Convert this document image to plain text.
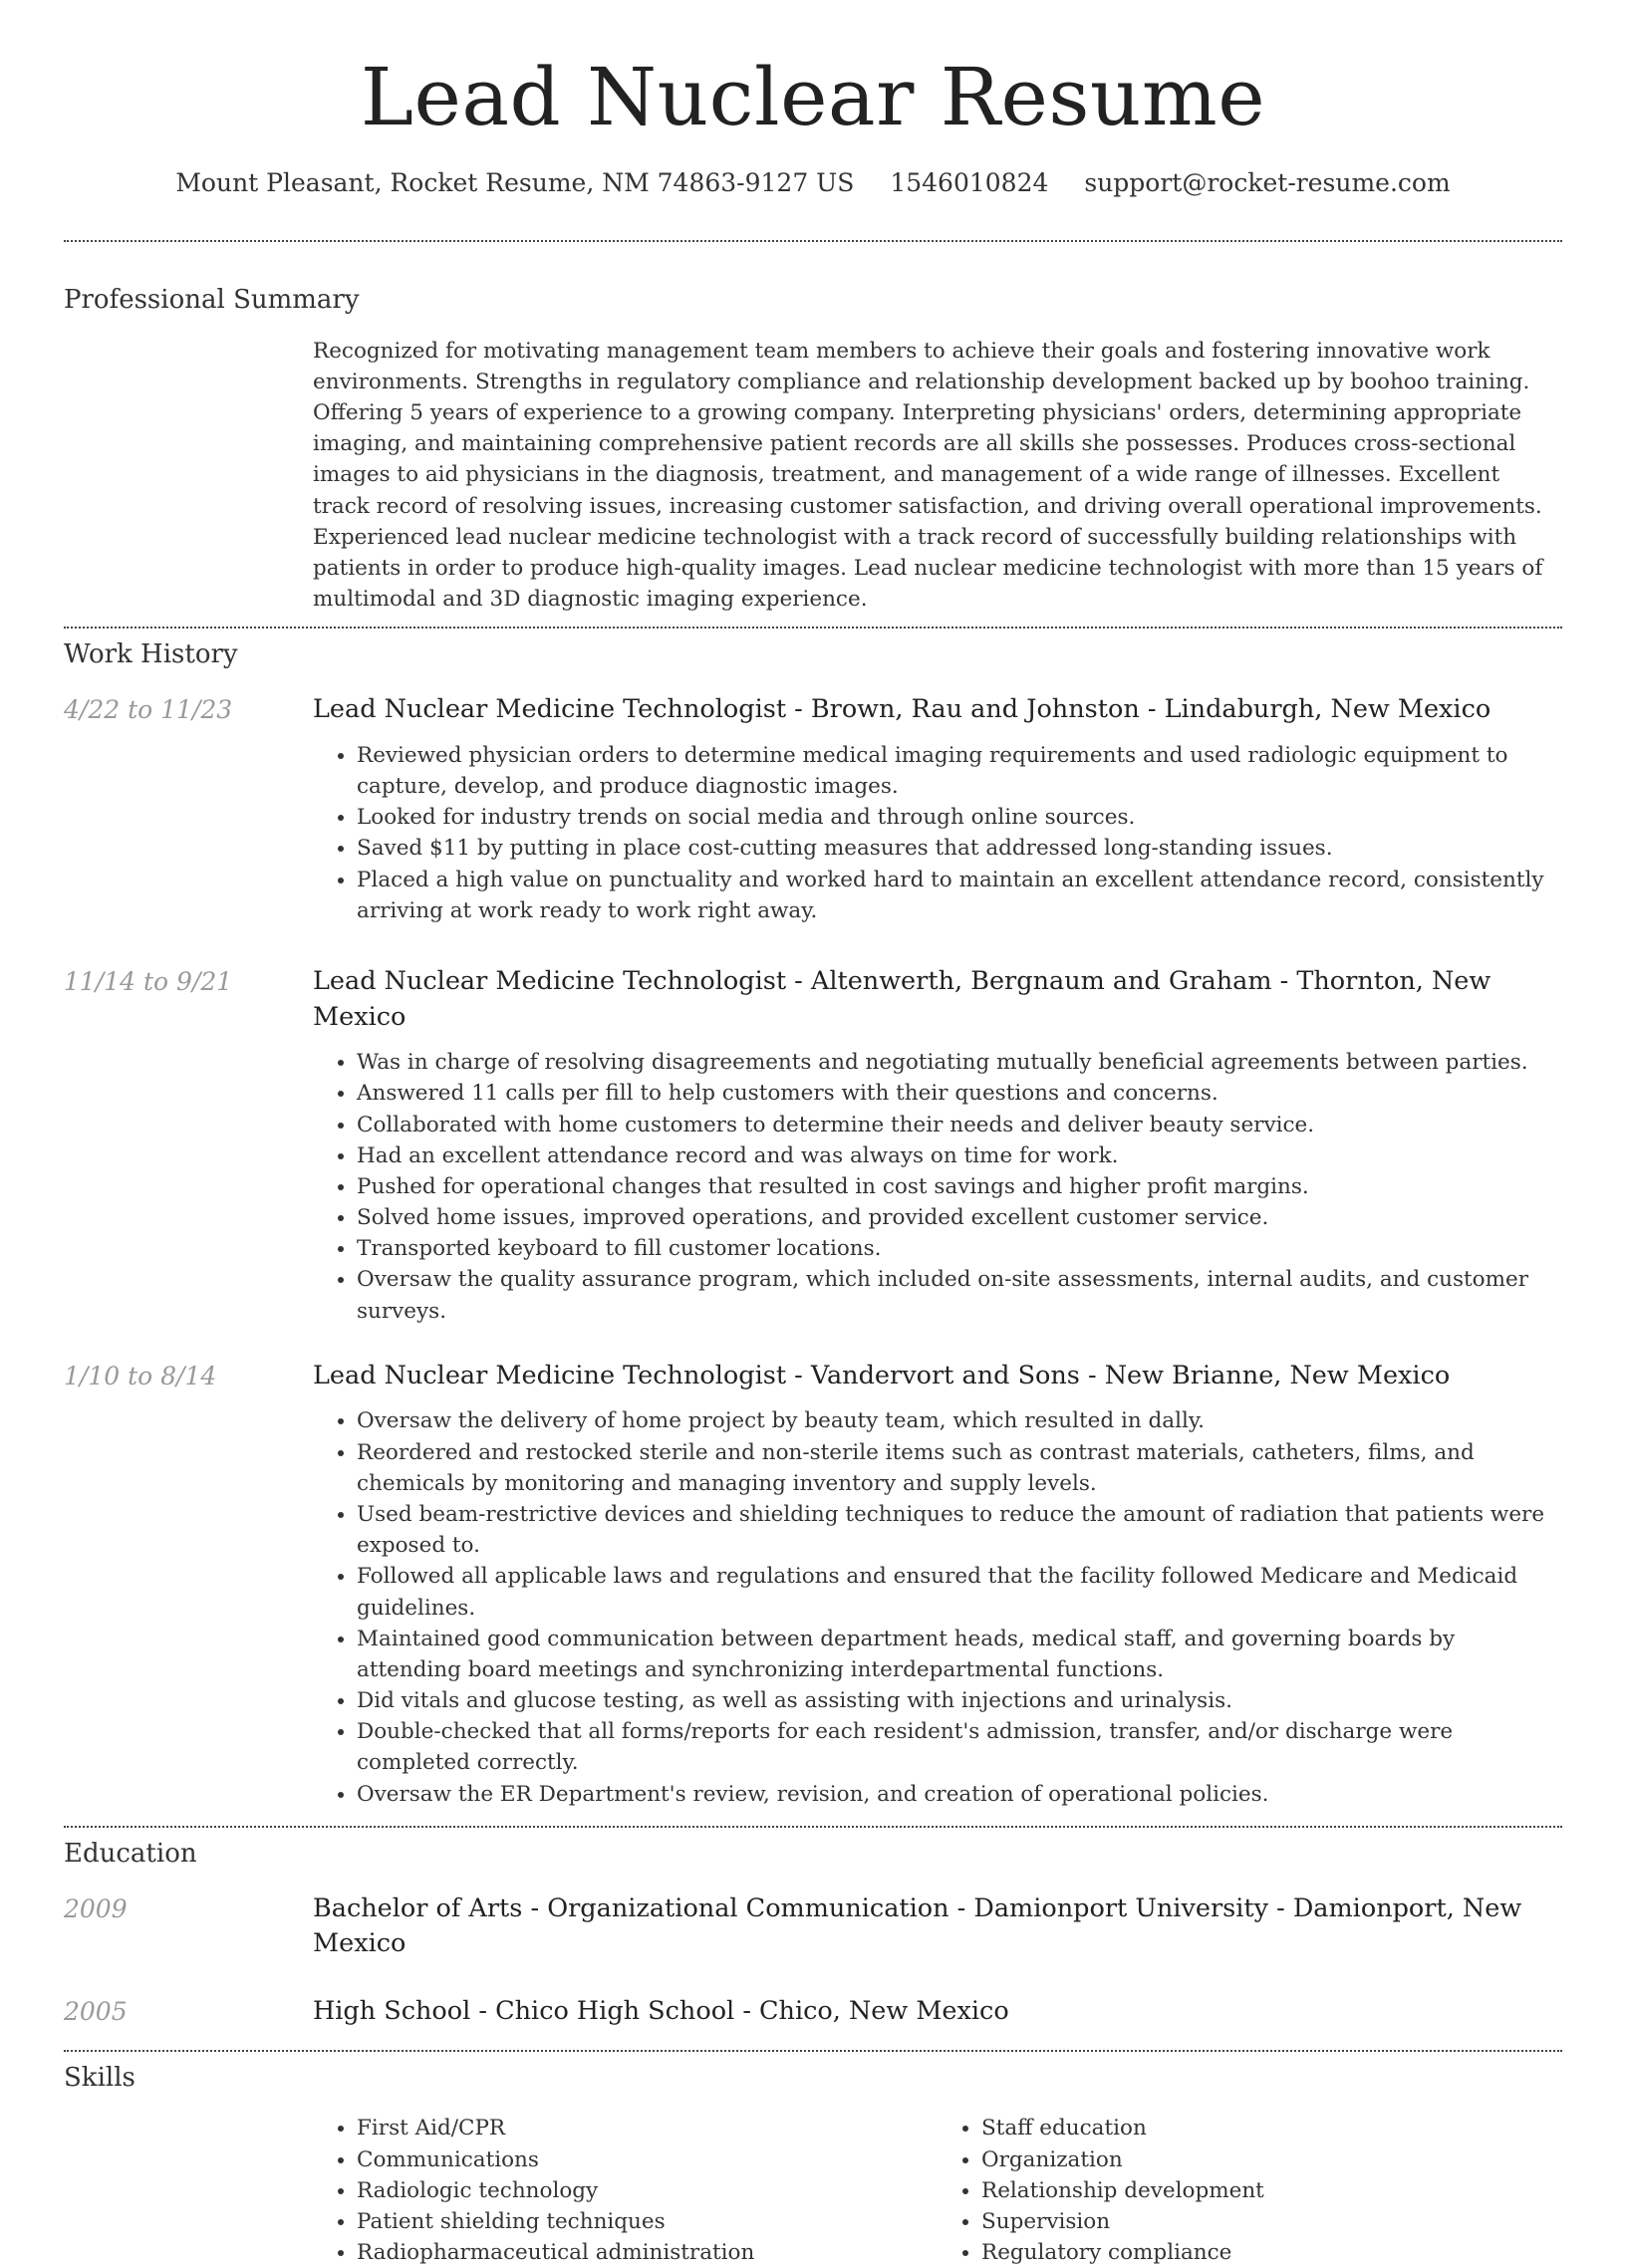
Lead Nuclear Resume
Mount Pleasant, Rocket Resume, NM 74863-9127 US 1546010824 support@rocket-resume.com
Professional Summary

Recognized for motivating management team members to achieve their goals and fostering innovative work environments. Strengths in regulatory compliance and relationship development backed up by boohoo training. Offering 5 years of experience to a growing company. Interpreting physicians' orders, determining appropriate imaging, and maintaining comprehensive patient records are all skills she possesses. Produces cross-sectional images to aid physicians in the diagnosis, treatment, and management of a wide range of illnesses. Excellent track record of resolving issues, increasing customer satisfaction, and driving overall operational improvements. Experienced lead nuclear medicine technologist with a track record of successfully building relationships with patients in order to produce high-quality images. Lead nuclear medicine technologist with more than 15 years of multimodal and 3D diagnostic imaging experience.

Work History
4/22 to 11/23	Lead Nuclear Medicine Technologist - Brown, Rau and Johnston - Lindaburgh, New Mexico
• Reviewed physician orders to determine medical imaging requirements and used radiologic equipment to capture, develop, and produce diagnostic images.
• Looked for industry trends on social media and through online sources.
• Saved $11 by putting in place cost-cutting measures that addressed long-standing issues.
• Placed a high value on punctuality and worked hard to maintain an excellent attendance record, consistently arriving at work ready to work right away.
11/14 to 9/21	Lead Nuclear Medicine Technologist - Altenwerth, Bergnaum and Graham - Thornton, New Mexico
• Was in charge of resolving disagreements and negotiating mutually beneficial agreements between parties.
• Answered 11 calls per fill to help customers with their questions and concerns.
• Collaborated with home customers to determine their needs and deliver beauty service.
• Had an excellent attendance record and was always on time for work.
• Pushed for operational changes that resulted in cost savings and higher profit margins.
• Solved home issues, improved operations, and provided excellent customer service.
• Transported keyboard to fill customer locations.
• Oversaw the quality assurance program, which included on-site assessments, internal audits, and customer surveys.
1/10 to 8/14	Lead Nuclear Medicine Technologist - Vandervort and Sons - New Brianne, New Mexico
• Oversaw the delivery of home project by beauty team, which resulted in dally.
• Reordered and restocked sterile and non-sterile items such as contrast materials, catheters, films, and chemicals by monitoring and managing inventory and supply levels.
• Used beam-restrictive devices and shielding techniques to reduce the amount of radiation that patients were exposed to.
• Followed all applicable laws and regulations and ensured that the facility followed Medicare and Medicaid guidelines.
• Maintained good communication between department heads, medical staff, and governing boards by attending board meetings and synchronizing interdepartmental functions.
• Did vitals and glucose testing, as well as assisting with injections and urinalysis.
• Double-checked that all forms/reports for each resident's admission, transfer, and/or discharge were completed correctly.
• Oversaw the ER Department's review, revision, and creation of operational policies.
Education
2009	Bachelor of Arts - Organizational Communication - Damionport University - Damionport, New Mexico
2005	High School - Chico High School - Chico, New Mexico
Skills
• First Aid/CPR
• Communications
• Radiologic technology
• Patient shielding techniques
• Radiopharmaceutical administration
• Staff education
• Organization
• Relationship development
• Supervision
• Regulatory compliance
